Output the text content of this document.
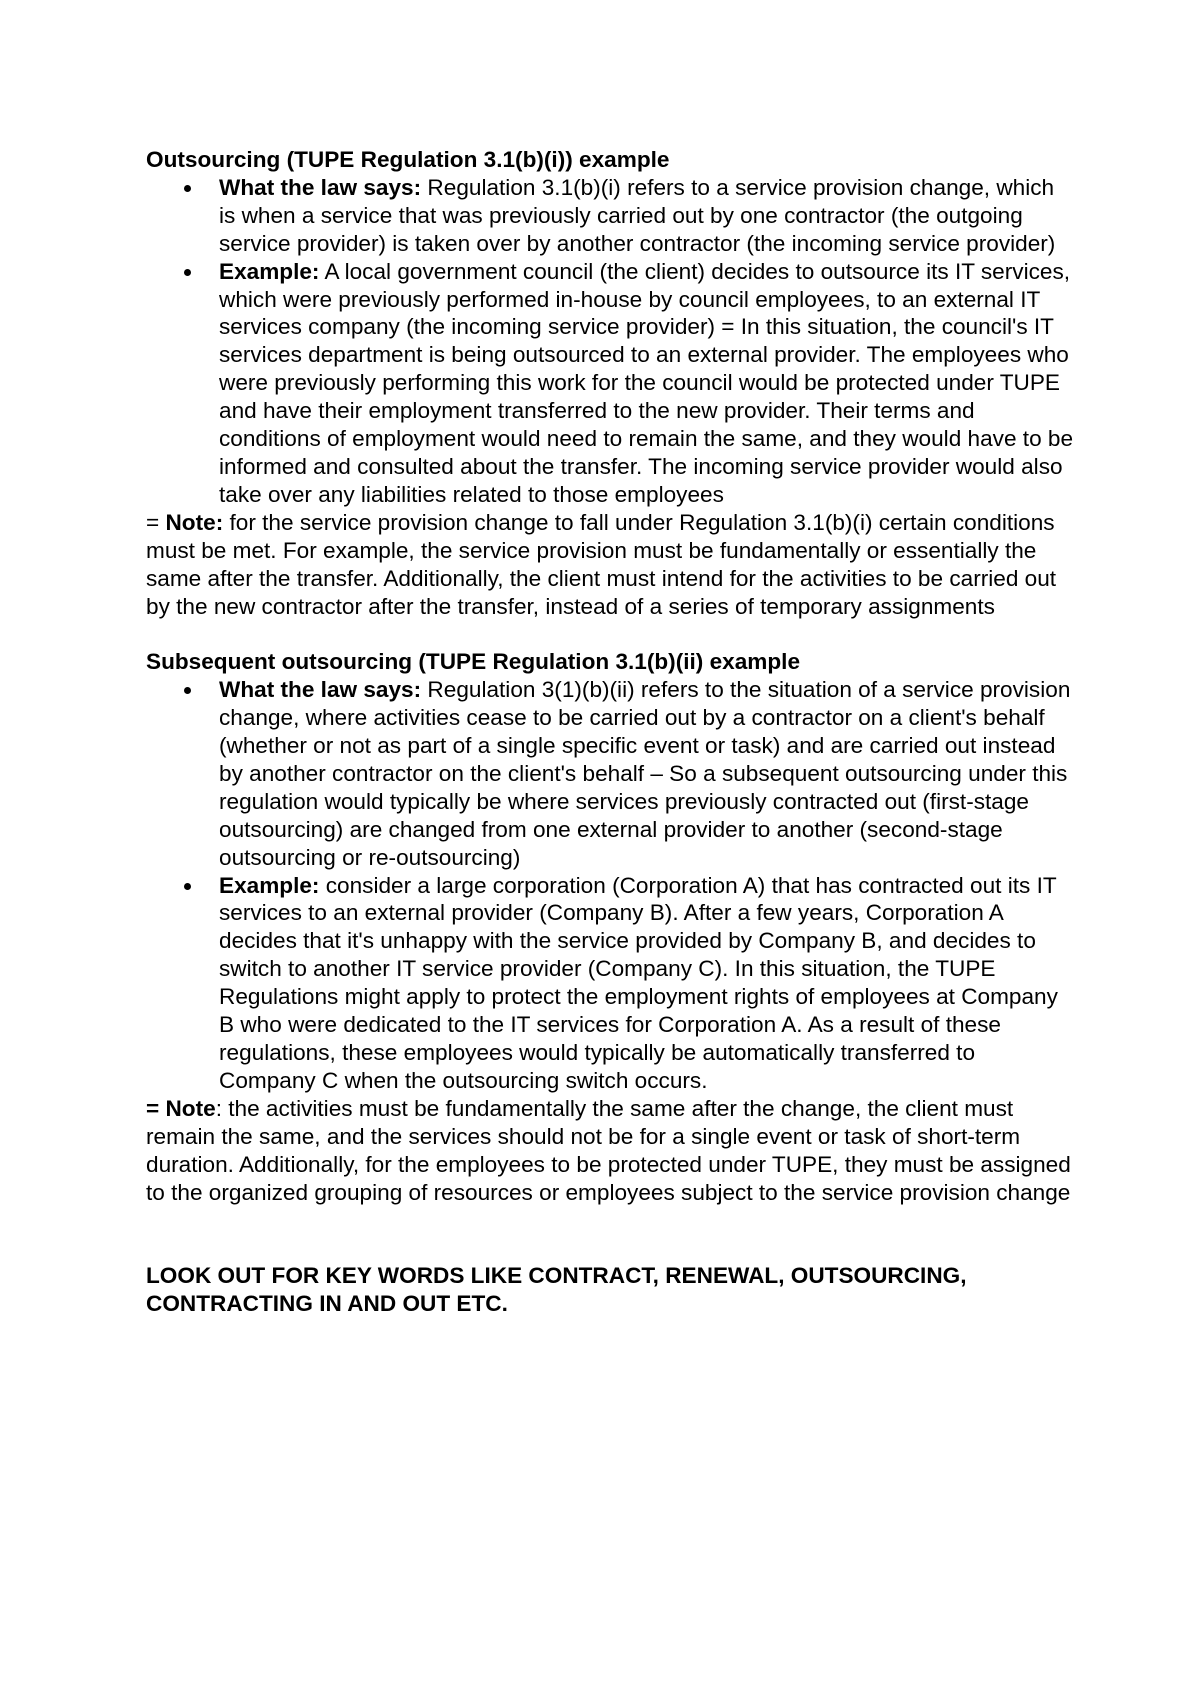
Outsourcing (TUPE Regulation 3.1(b)(i)) example

What the law says: Regulation 3.1(b)(i) refers to a service provision change, which is when a service that was previously carried out by one contractor (the outgoing service provider) is taken over by another contractor (the incoming service provider)
Example: A local government council (the client) decides to outsource its IT services, which were previously performed in-house by council employees, to an external IT services company (the incoming service provider) = In this situation, the council's IT services department is being outsourced to an external provider. The employees who were previously performing this work for the council would be protected under TUPE and have their employment transferred to the new provider. Their terms and conditions of employment would need to remain the same, and they would have to be informed and consulted about the transfer. The incoming service provider would also take over any liabilities related to those employees

= Note: for the service provision change to fall under Regulation 3.1(b)(i) certain conditions must be met. For example, the service provision must be fundamentally or essentially the same after the transfer. Additionally, the client must intend for the activities to be carried out by the new contractor after the transfer, instead of a series of temporary assignments

Subsequent outsourcing (TUPE Regulation 3.1(b)(ii) example

What the law says: Regulation 3(1)(b)(ii) refers to the situation of a service provision change, where activities cease to be carried out by a contractor on a client's behalf (whether or not as part of a single specific event or task) and are carried out instead by another contractor on the client's behalf – So a subsequent outsourcing under this regulation would typically be where services previously contracted out (first-stage outsourcing) are changed from one external provider to another (second-stage outsourcing or re-outsourcing)
Example: consider a large corporation (Corporation A) that has contracted out its IT services to an external provider (Company B). After a few years, Corporation A decides that it's unhappy with the service provided by Company B, and decides to switch to another IT service provider (Company C). In this situation, the TUPE Regulations might apply to protect the employment rights of employees at Company B who were dedicated to the IT services for Corporation A. As a result of these regulations, these employees would typically be automatically transferred to Company C when the outsourcing switch occurs.

= Note: the activities must be fundamentally the same after the change, the client must remain the same, and the services should not be for a single event or task of short-term duration. Additionally, for the employees to be protected under TUPE, they must be assigned to the organized grouping of resources or employees subject to the service provision change

LOOK OUT FOR KEY WORDS LIKE CONTRACT, RENEWAL, OUTSOURCING, CONTRACTING IN AND OUT ETC.
